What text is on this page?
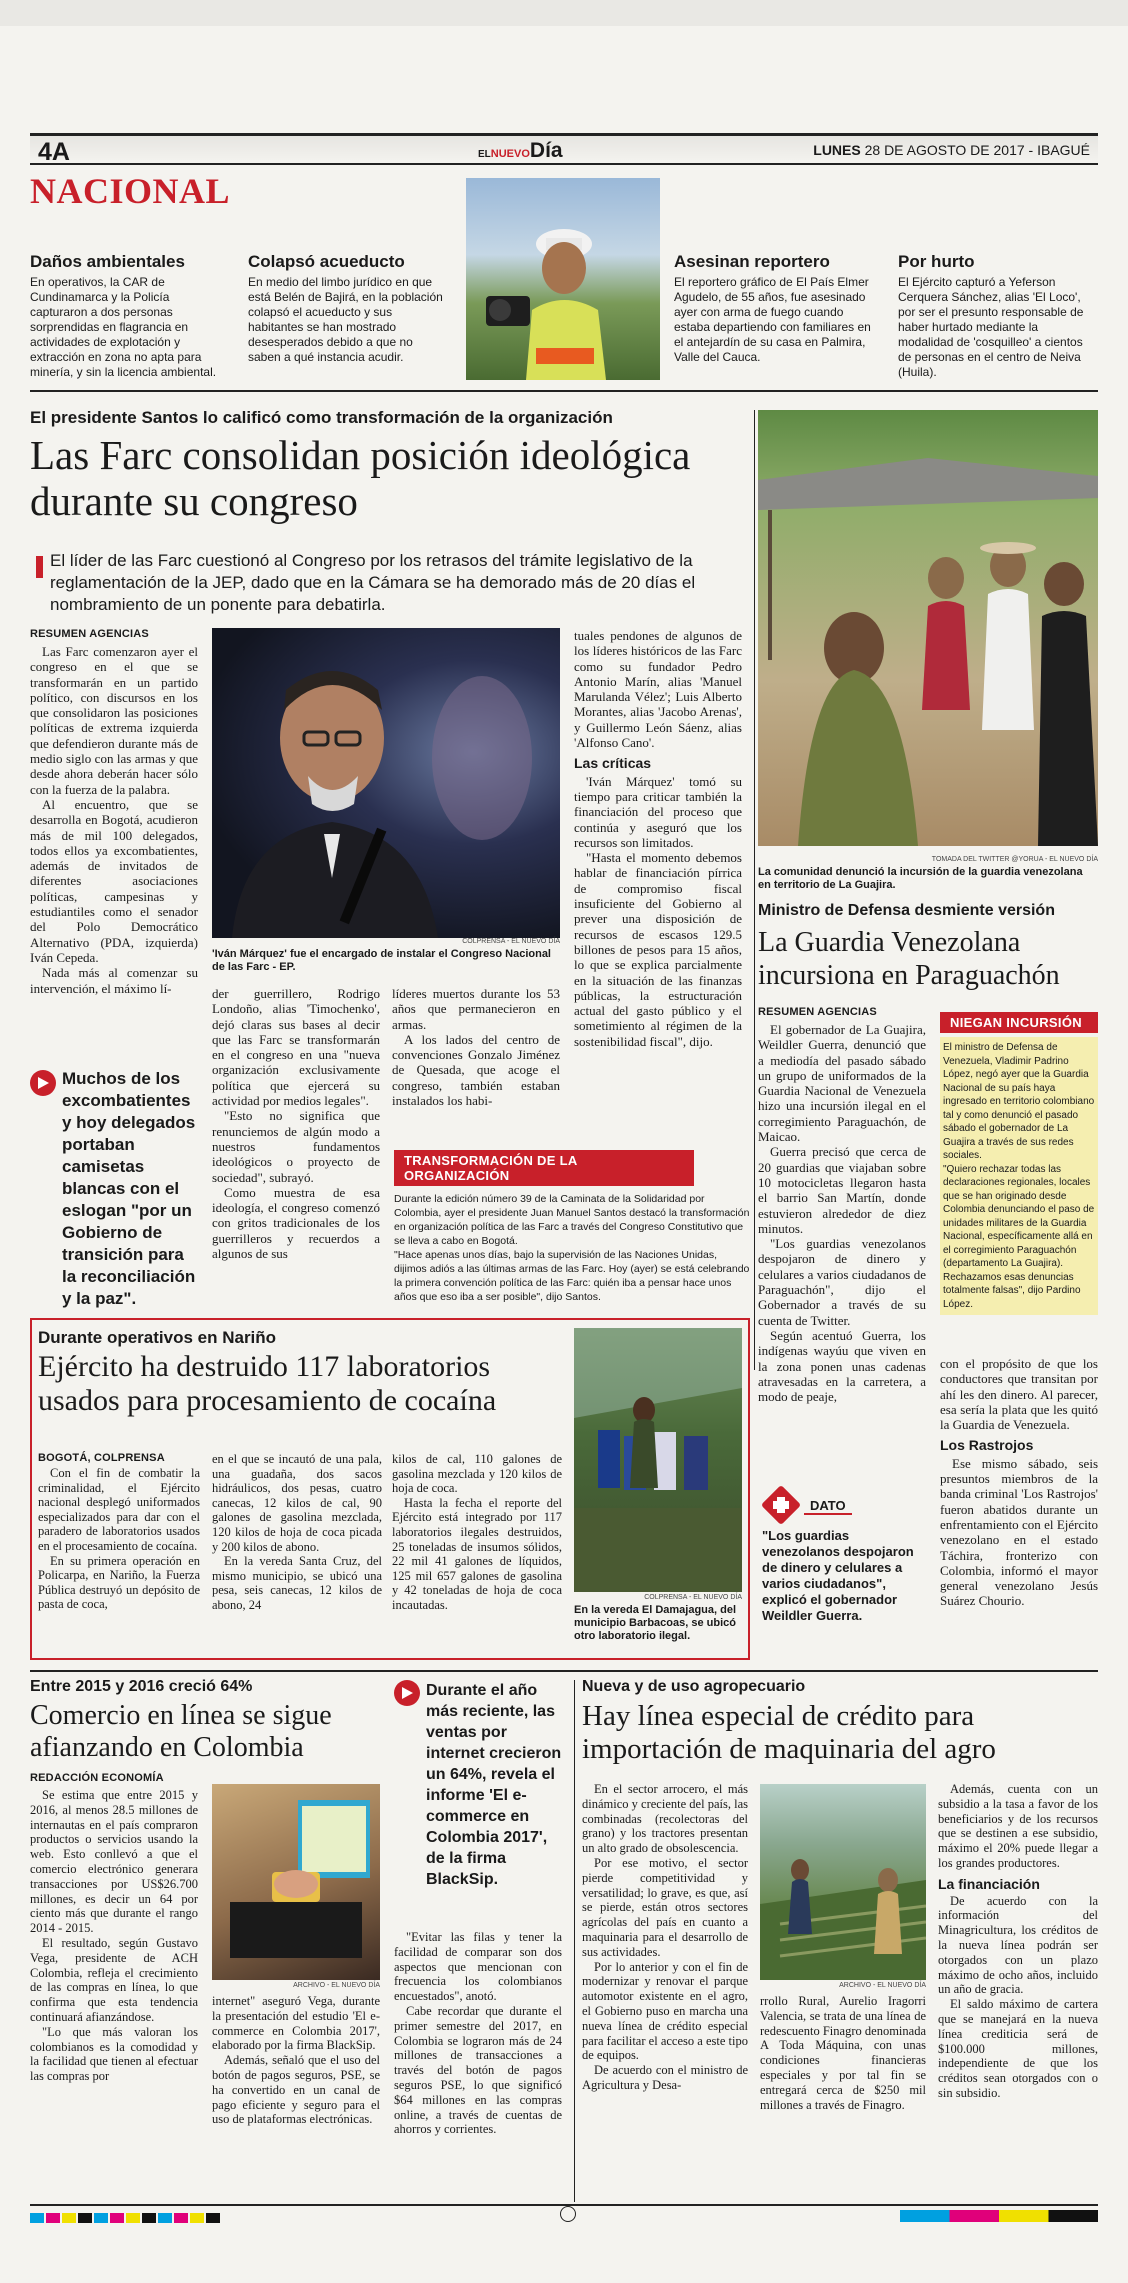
4A	ELNUEVODía	LUNES 28 DE AGOSTO DE 2017 - IBAGUÉ
NACIONAL
Daños ambientales

En operativos, la CAR de Cundinamarca y la Policía capturaron a dos personas sorprendidas en flagrancia en actividades de explotación y extracción en zona no apta para minería, y sin la licencia ambiental.

Colapsó acueducto

En medio del limbo jurídico en que está Belén de Bajirá, en la población colapsó el acueducto y sus habitantes se han mostrado desesperados debido a que no saben a qué instancia acudir.

Asesinan reportero

El reportero gráfico de El País Elmer Agudelo, de 55 años, fue asesinado ayer con arma de fuego cuando estaba departiendo con familiares en el antejardín de su casa en Palmira, Valle del Cauca.

Por hurto

El Ejército capturó a Yeferson Cerquera Sánchez, alias 'El Loco', por ser el presunto responsable de haber hurtado mediante la modalidad de 'cosquilleo' a cientos de personas en el centro de Neiva (Huila).

El presidente Santos lo calificó como transformación de la organización
Las Farc consolidan posición ideológica durante su congreso
El líder de las Farc cuestionó al Congreso por los retrasos del trámite legislativo de la reglamentación de la JEP, dado que en la Cámara se ha demorado más de 20 días el nombramiento de un ponente para debatirla.
RESUMEN AGENCIAS

Las Farc comenzaron ayer el congreso en el que se transformarán en un partido político, con discursos en los que consolidaron las posiciones políticas de extrema izquierda que defendieron durante más de medio siglo con las armas y que desde ahora deberán hacer sólo con la fuerza de la palabra.

Al encuentro, que se desarrolla en Bogotá, acudieron más de mil 100 delegados, todos ellos ya excombatientes, además de invitados de diferentes asociaciones políticas, campesinas y estudiantiles como el senador del Polo Democrático Alternativo (PDA, izquierda) Iván Cepeda.

Nada más al comenzar su intervención, el máximo lí-

Muchos de los excombatientes y hoy delegados portaban camisetas blancas con el eslogan "por un Gobierno de transición para la reconciliación y la paz".
COLPRENSA - EL NUEVO DÍA
'Iván Márquez' fue el encargado de instalar el Congreso Nacional de las Farc - EP.

der guerrillero, Rodrigo Londoño, alias 'Timochenko', dejó claras sus bases al decir que las Farc se transformarán en el congreso en una "nueva organización exclusivamente política que ejercerá su actividad por medios legales".

"Esto no significa que renunciemos de algún modo a nuestros fundamentos ideológicos o proyecto de sociedad", subrayó.

Como muestra de esa ideología, el congreso comenzó con gritos tradicionales de los guerrilleros y recuerdos a algunos de sus

líderes muertos durante los 53 años que permanecieron en armas.

A los lados del centro de convenciones Gonzalo Jiménez de Quesada, que acoge el congreso, también estaban instalados los habi-

tuales pendones de algunos de los líderes históricos de las Farc como su fundador Pedro Antonio Marín, alias 'Manuel Marulanda Vélez'; Luis Alberto Morantes, alias 'Jacobo Arenas', y Guillermo León Sáenz, alias 'Alfonso Cano'.

Las críticas

'Iván Márquez' tomó su tiempo para criticar también la financiación del proceso que continúa y aseguró que los recursos son limitados.

"Hasta el momento debemos hablar de financiación pírrica de compromiso fiscal insuficiente del Gobierno al prever una disposición de recursos de escasos 129.5 billones de pesos para 15 años, lo que se explica parcialmente en la situación de las finanzas públicas, la estructuración actual del gasto público y el sometimiento al régimen de la sostenibilidad fiscal", dijo.

TRANSFORMACIÓN DE LA ORGANIZACIÓN

Durante la edición número 39 de la Caminata de la Solidaridad por Colombia, ayer el presidente Juan Manuel Santos destacó la transformación en organización política de las Farc a través del Congreso Constitutivo que se lleva a cabo en Bogotá.

"Hace apenas unos días, bajo la supervisión de las Naciones Unidas, dijimos adiós a las últimas armas de las Farc. Hoy (ayer) se está celebrando la primera convención política de las Farc: quién iba a pensar hace unos años que eso iba a ser posible", dijo Santos.

TOMADA DEL TWITTER @YORUA - EL NUEVO DÍA
La comunidad denunció la incursión de la guardia venezolana en territorio de La Guajira.
Ministro de Defensa desmiente versión
La Guardia Venezolana incursiona en Paraguachón
RESUMEN AGENCIAS

El gobernador de La Guajira, Weildler Guerra, denunció que a mediodía del pasado sábado un grupo de uniformados de la Guardia Nacional de Venezuela hizo una incursión ilegal en el corregimiento Paraguachón, de Maicao.

Guerra precisó que cerca de 20 guardias que viajaban sobre 10 motocicletas llegaron hasta el barrio San Martín, donde estuvieron alrededor de diez minutos.

"Los guardias venezolanos despojaron de dinero y celulares a varios ciudadanos de Paraguachón", dijo el Gobernador a través de su cuenta de Twitter.

Según acentuó Guerra, los indígenas wayúu que viven en la zona ponen unas cadenas atravesadas en la carretera, a modo de peaje,

NIEGAN INCURSIÓN

El ministro de Defensa de Venezuela, Vladimir Padrino López, negó ayer que la Guardia Nacional de su país haya ingresado en territorio colombiano tal y como denunció el pasado sábado el gobernador de La Guajira a través de sus redes sociales.

"Quiero rechazar todas las declaraciones regionales, locales que se han originado desde Colombia denunciando el paso de unidades militares de la Guardia Nacional, específicamente allá en el corregimiento Paraguachón (departamento La Guajira). Rechazamos esas denuncias totalmente falsas", dijo Pardino López.

con el propósito de que los conductores que transitan por ahí les den dinero. Al parecer, esa sería la plata que les quitó la Guardia de Venezuela.

Los Rastrojos

Ese mismo sábado, seis presuntos miembros de la banda criminal 'Los Rastrojos' fueron abatidos durante un enfrentamiento con el Ejército venezolano en el estado Táchira, fronterizo con Colombia, informó el mayor general venezolano Jesús Suárez Chourio.

DATO
"Los guardias venezolanos despojaron de dinero y celulares a varios ciudadanos", explicó el gobernador Weildler Guerra.
Durante operativos en Nariño
Ejército ha destruido 117 laboratorios usados para procesamiento de cocaína
BOGOTÁ, COLPRENSA

Con el fin de combatir la criminalidad, el Ejército nacional desplegó uniformados especializados para dar con el paradero de laboratorios usados en el procesamiento de cocaína.

En su primera operación en Policarpa, en Nariño, la Fuerza Pública destruyó un depósito de pasta de coca,

en el que se incautó de una pala, una guadaña, dos sacos hidráulicos, dos pesas, cuatro canecas, 12 kilos de cal, 90 galones de gasolina mezclada, 120 kilos de hoja de coca picada y 200 kilos de abono.

En la vereda Santa Cruz, del mismo municipio, se ubicó una pesa, seis canecas, 12 kilos de abono, 24

kilos de cal, 110 galones de gasolina mezclada y 120 kilos de hoja de coca.

Hasta la fecha el reporte del Ejército está integrado por 117 laboratorios ilegales destruidos, 25 toneladas de insumos sólidos, 22 mil 41 galones de líquidos, 125 mil 657 galones de gasolina y 42 toneladas de hoja de coca incautadas.

COLPRENSA - EL NUEVO DÍA
En la vereda El Damajagua, del municipio Barbacoas, se ubicó otro laboratorio ilegal.
Entre 2015 y 2016 creció 64%
Comercio en línea se sigue afianzando en Colombia
REDACCIÓN ECONOMÍA

Se estima que entre 2015 y 2016, al menos 28.5 millones de internautas en el país compraron productos o servicios usando la web. Esto conllevó a que el comercio electrónico generara transacciones por US$26.700 millones, es decir un 64 por ciento más que durante el rango 2014 - 2015.

El resultado, según Gustavo Vega, presidente de ACH Colombia, refleja el crecimiento de las compras en línea, lo que confirma que esta tendencia continuará afianzándose.

"Lo que más valoran los colombianos es la comodidad y la facilidad que tienen al efectuar las compras por

ARCHIVO - EL NUEVO DÍA

internet" aseguró Vega, durante la presentación del estudio 'El e-commerce en Colombia 2017', elaborado por la firma BlackSip.

Además, señaló que el uso del botón de pagos seguros, PSE, se ha convertido en un canal de pago eficiente y seguro para el uso de plataformas electrónicas.

Durante el año más reciente, las ventas por internet crecieron un 64%, revela el informe 'El e-commerce en Colombia 2017', de la firma BlackSip.

"Evitar las filas y tener la facilidad de comparar son dos aspectos que mencionan con frecuencia los colombianos encuestados", anotó.

Cabe recordar que durante el primer semestre del 2017, en Colombia se lograron más de 24 millones de transacciones a través del botón de pagos seguros PSE, lo que significó $64 millones en las compras online, a través de cuentas de ahorros y corrientes.

Nueva y de uso agropecuario
Hay línea especial de crédito para importación de maquinaria del agro

En el sector arrocero, el más dinámico y creciente del país, las combinadas (recolectoras del grano) y los tractores presentan un alto grado de obsolescencia.

Por ese motivo, el sector pierde competitividad y versatilidad; lo grave, es que, así se pierde, están otros sectores agrícolas del país en cuanto a maquinaria para el desarrollo de sus actividades.

Por lo anterior y con el fin de modernizar y renovar el parque automotor existente en el agro, el Gobierno puso en marcha una nueva línea de crédito especial para facilitar el acceso a este tipo de equipos.

De acuerdo con el ministro de Agricultura y Desa-

ARCHIVO - EL NUEVO DÍA

rrollo Rural, Aurelio Iragorri Valencia, se trata de una línea de redescuento Finagro denominada A Toda Máquina, con unas condiciones financieras especiales y por tal fin se entregará cerca de $250 mil millones a través de Finagro.

Además, cuenta con un subsidio a la tasa a favor de los beneficiarios y de los recursos que se destinen a ese subsidio, máximo el 20% puede llegar a los grandes productores.

La financiación

De acuerdo con la información del Minagricultura, los créditos de la nueva línea podrán ser otorgados con un plazo máximo de ocho años, incluido un año de gracia.

El saldo máximo de cartera que se manejará en la nueva línea crediticia será de $100.000 millones, independiente de que los créditos sean otorgados con o sin subsidio.
